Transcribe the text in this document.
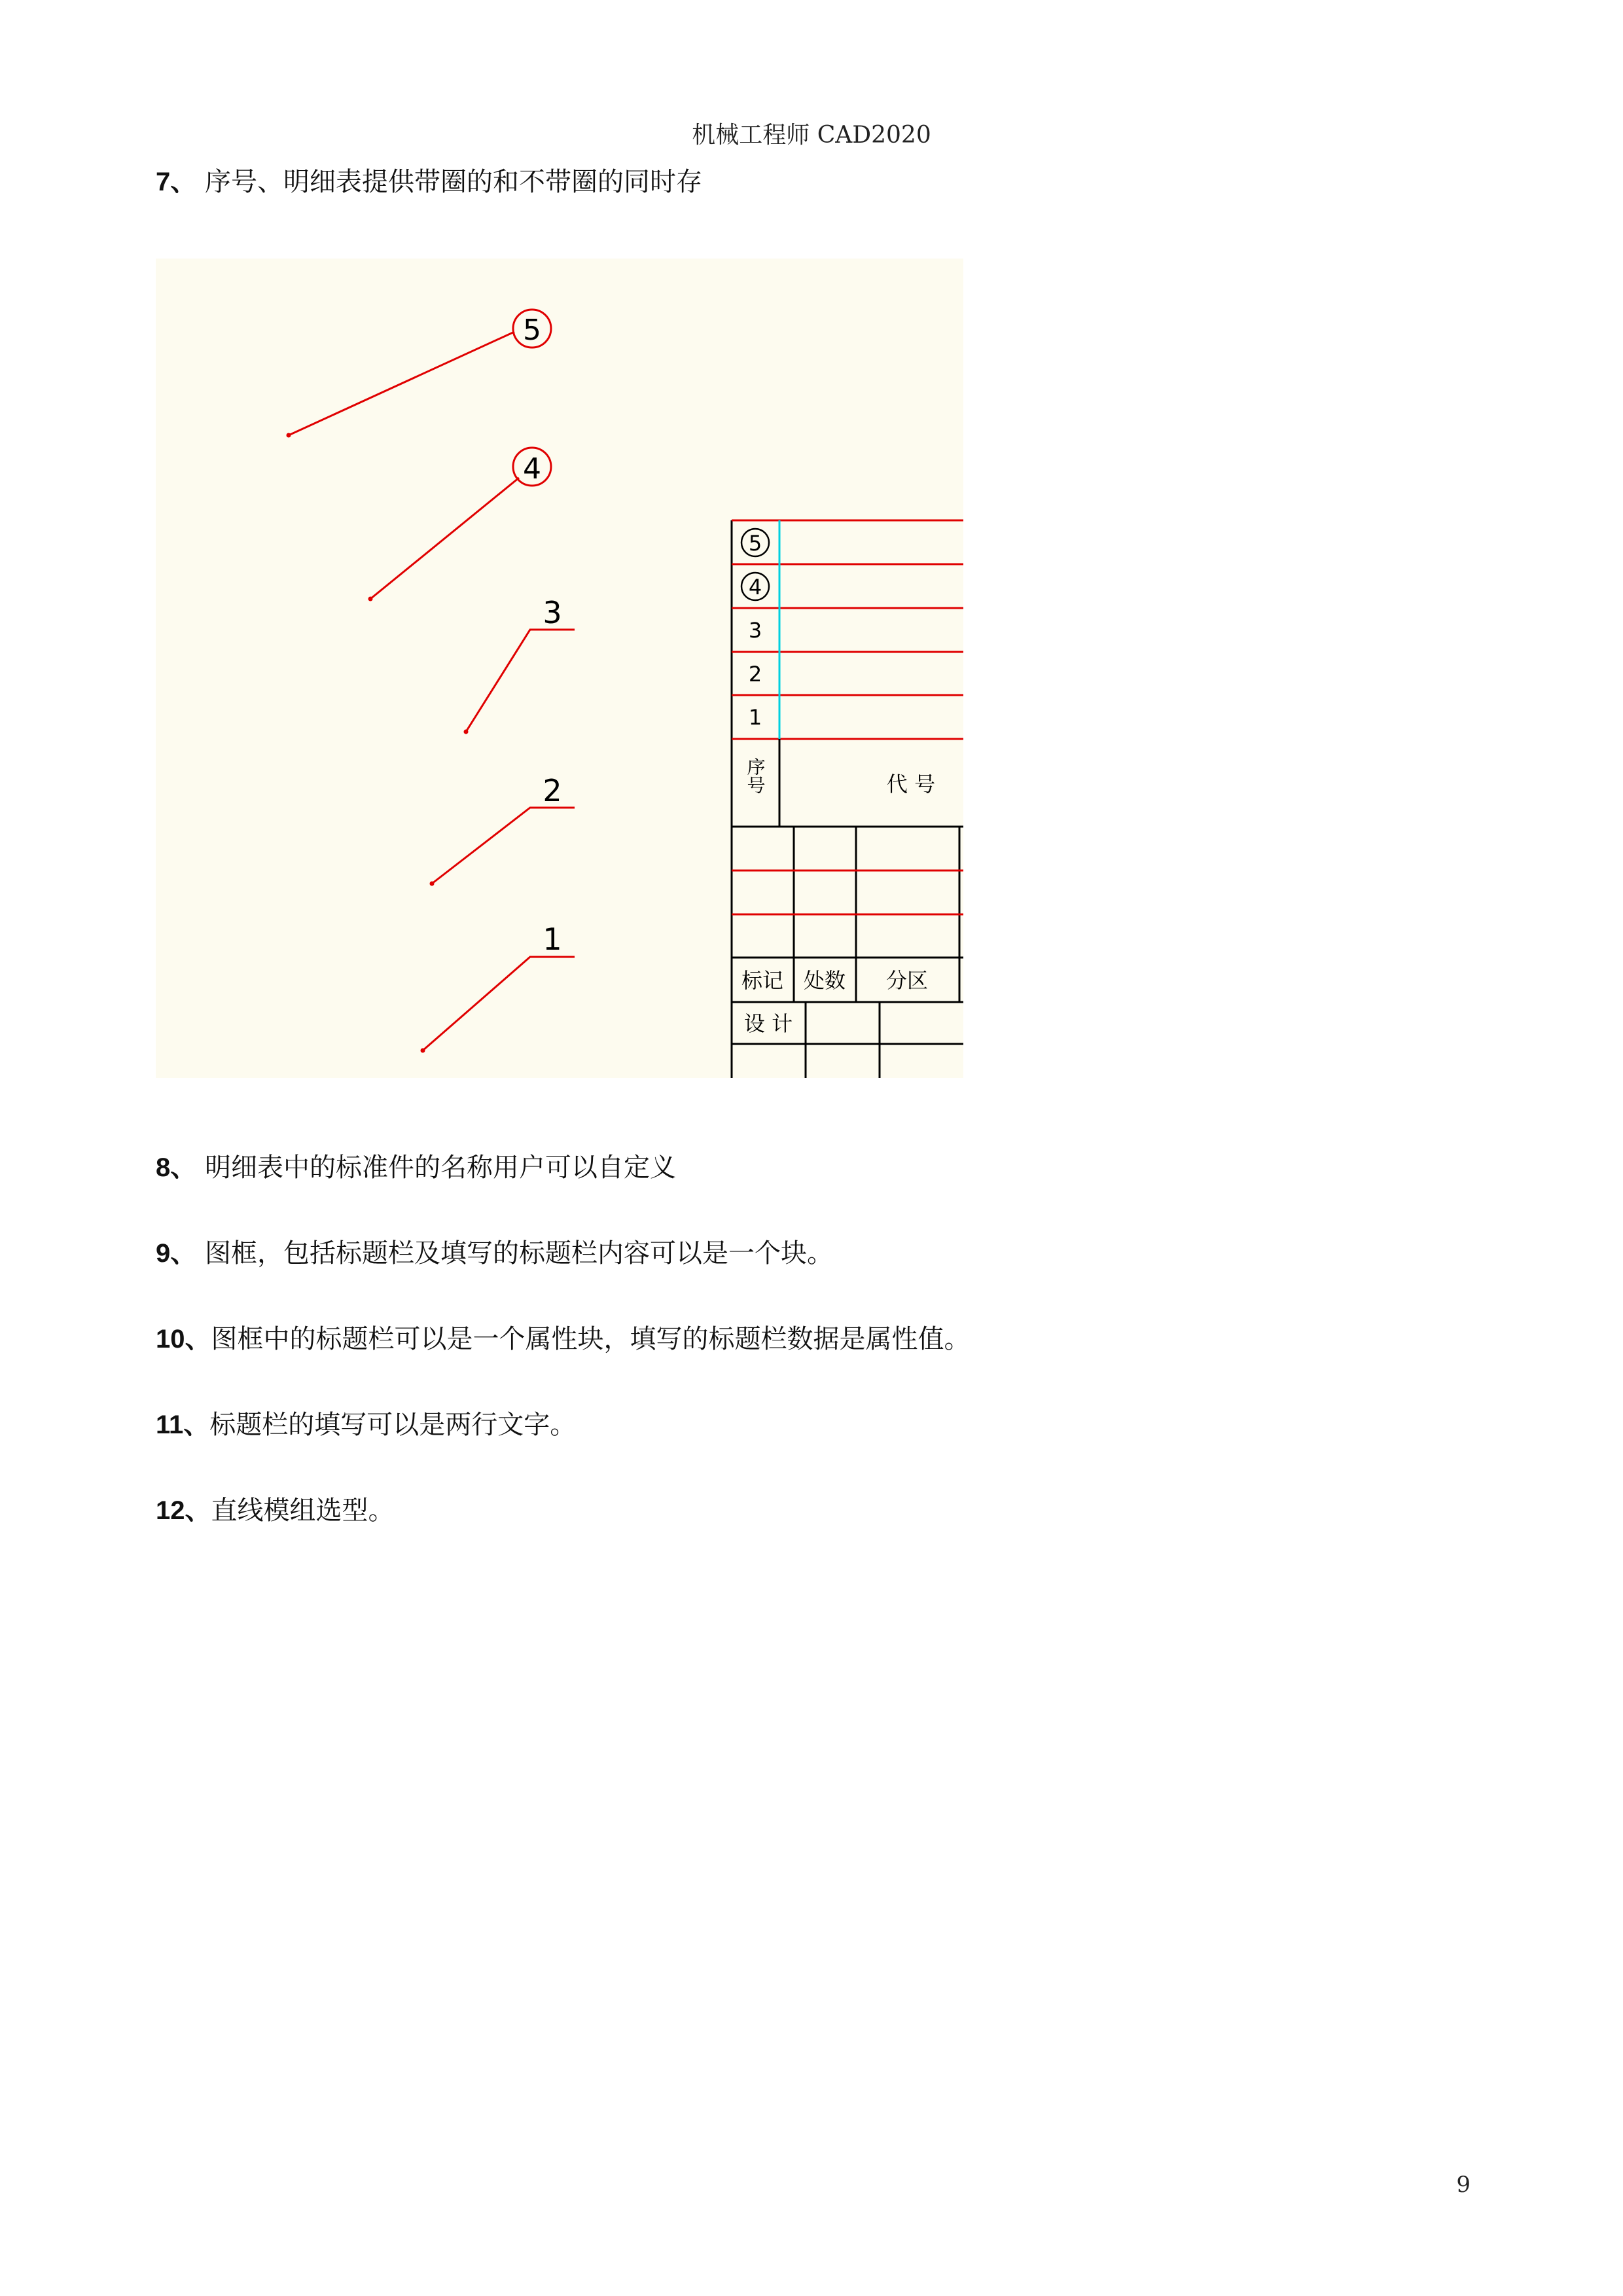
机械工程师 CAD2020
7、 序号、明细表提供带圈的和不带圈的同时存
5
4
3
2
1
5
4
3
2
1
序号	代 号
标记 处数 分区
设 计
8、 明细表中的标准件的名称用户可以自定义
9、 图框，包括标题栏及填写的标题栏内容可以是一个块。
10、图框中的标题栏可以是一个属性块，填写的标题栏数据是属性值。
11、标题栏的填写可以是两行文字。
12、直线模组选型。
9
